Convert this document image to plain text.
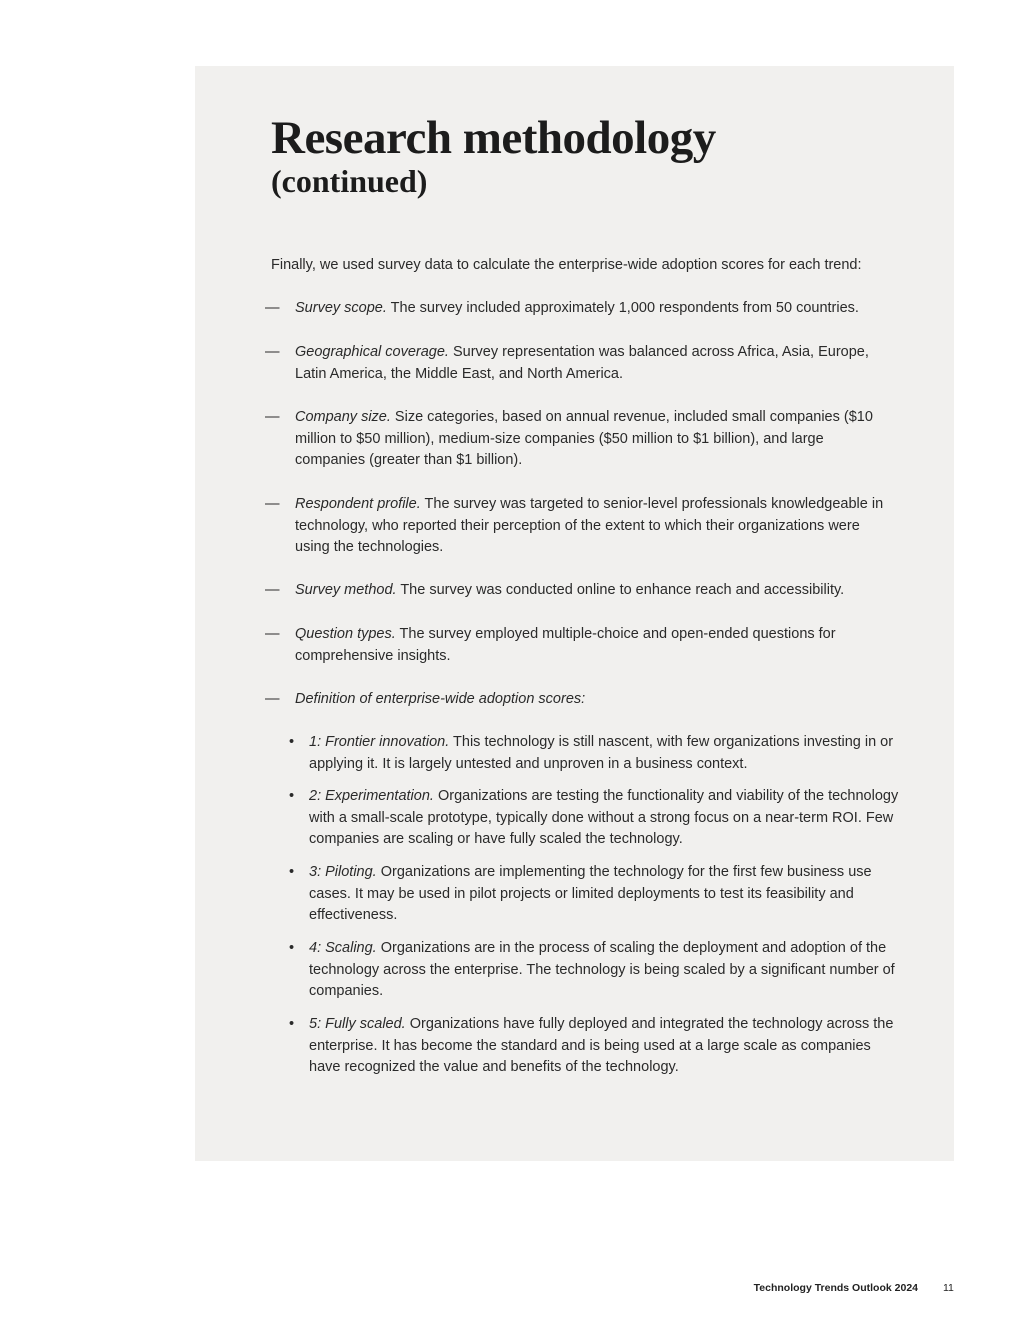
Research methodology
(continued)

Finally, we used survey data to calculate the enterprise-wide adoption scores for each trend:

—	Survey scope. The survey included approximately 1,000 respondents from 50 countries.

—	Geographical coverage. Survey representation was balanced across Africa, Asia, Europe, Latin America, the Middle East, and North America.

—	Company size. Size categories, based on annual revenue, included small companies ($10 million to $50 million), medium-size companies ($50 million to $1 billion), and large companies (greater than $1 billion).

—	Respondent profile. The survey was targeted to senior-level professionals knowledgeable in technology, who reported their perception of the extent to which their organizations were using the technologies.

—	Survey method. The survey was conducted online to enhance reach and accessibility.

—	Question types. The survey employed multiple-choice and open-ended questions for comprehensive insights.

—	Definition of enterprise-wide adoption scores:

•	1: Frontier innovation. This technology is still nascent, with few organizations investing in or applying it. It is largely untested and unproven in a business context.

•	2: Experimentation. Organizations are testing the functionality and viability of the technology with a small-scale prototype, typically done without a strong focus on a near-term ROI. Few companies are scaling or have fully scaled the technology.

•	3: Piloting. Organizations are implementing the technology for the first few business use cases. It may be used in pilot projects or limited deployments to test its feasibility and effectiveness.

•	4: Scaling. Organizations are in the process of scaling the deployment and adoption of the technology across the enterprise. The technology is being scaled by a significant number of companies.

•	5: Fully scaled. Organizations have fully deployed and integrated the technology across the enterprise. It has become the standard and is being used at a large scale as companies have recognized the value and benefits of the technology.

Technology Trends Outlook 2024 11
